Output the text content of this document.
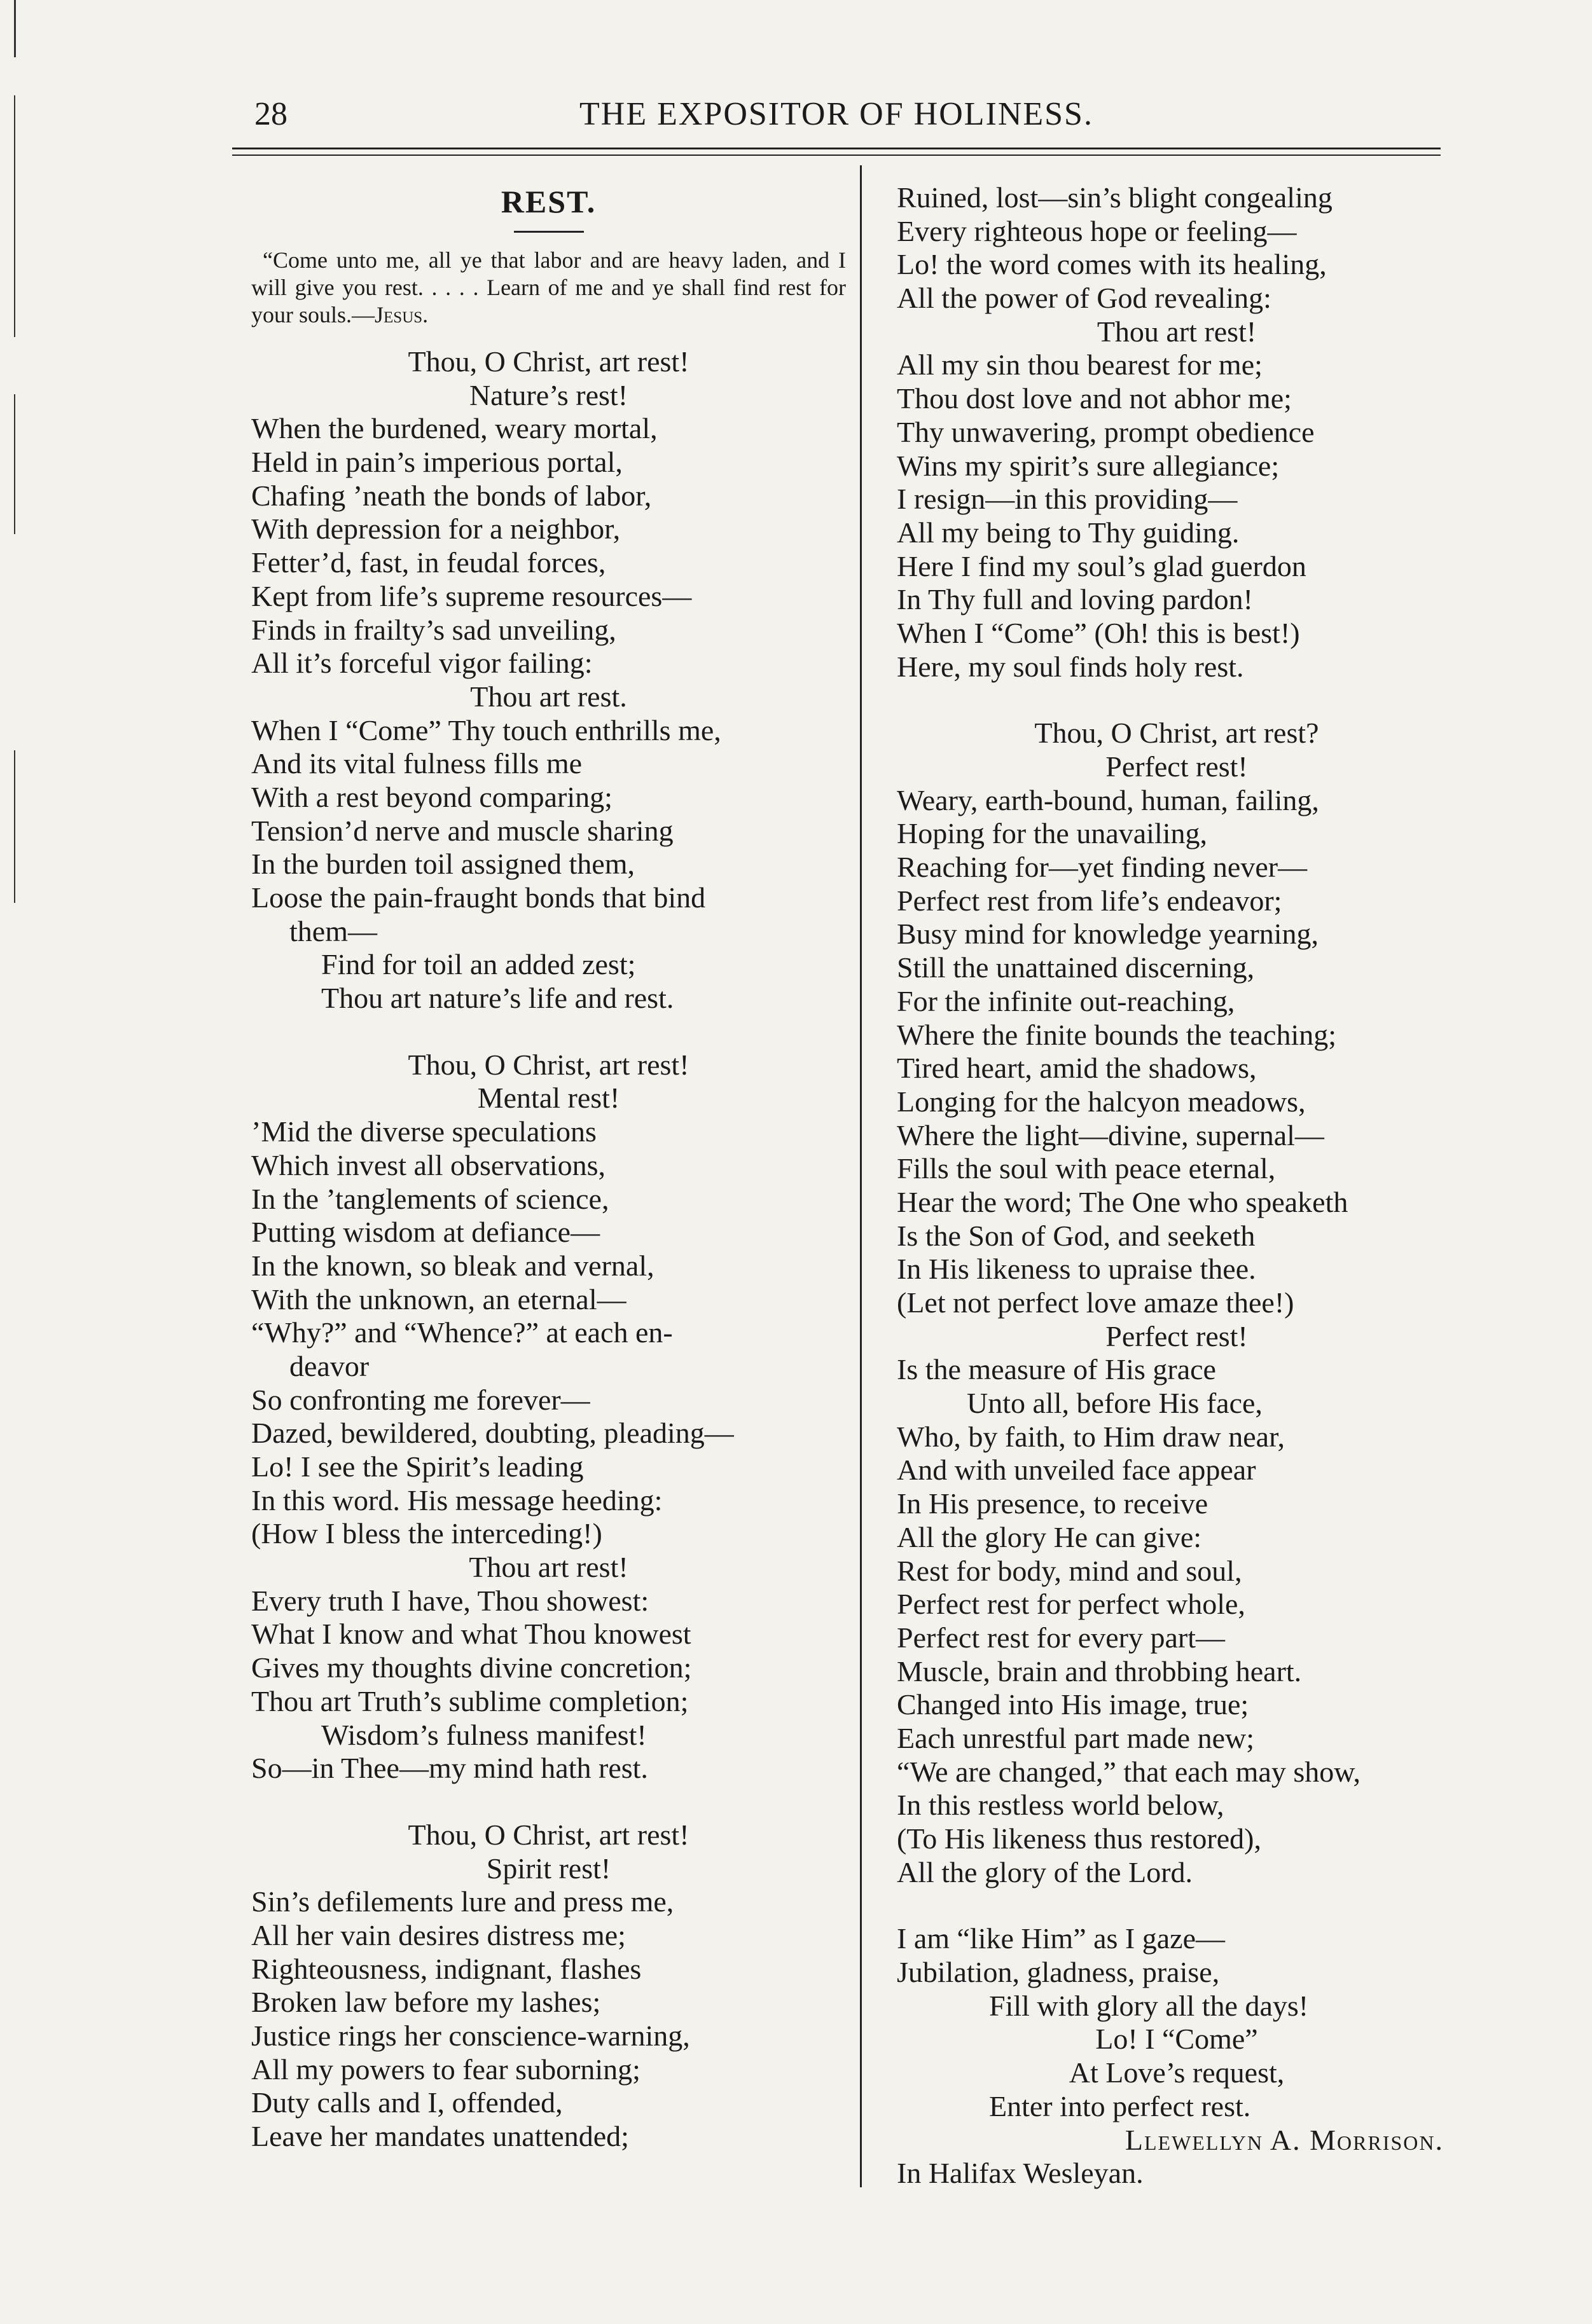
28	THE EXPOSITOR OF HOLINESS.
REST.
“Come unto me, all ye that labor and are heavy laden, and I will give you rest. . . . . Learn of me and ye shall find rest for your souls.—Jesus.
Thou, O Christ, art rest!
Nature’s rest!
When the burdened, weary mortal,
Held in pain’s imperious portal,
Chafing ’neath the bonds of labor,
With depression for a neighbor,
Fetter’d, fast, in feudal forces,
Kept from life’s supreme resources—
Finds in frailty’s sad unveiling,
All it’s forceful vigor failing:
Thou art rest.
When I “Come” Thy touch enthrills me,
And its vital fulness fills me
With a rest beyond comparing;
Tension’d nerve and muscle sharing
In the burden toil assigned them,
Loose the pain-fraught bonds that bind
them—
Find for toil an added zest;
Thou art nature’s life and rest.
Thou, O Christ, art rest!
Mental rest!
’Mid the diverse speculations
Which invest all observations,
In the ’tanglements of science,
Putting wisdom at defiance—
In the known, so bleak and vernal,
With the unknown, an eternal—
“Why?” and “Whence?” at each en-
deavor
So confronting me forever—
Dazed, bewildered, doubting, pleading—
Lo! I see the Spirit’s leading
In this word. His message heeding:
(How I bless the interceding!)
Thou art rest!
Every truth I have, Thou showest:
What I know and what Thou knowest
Gives my thoughts divine concretion;
Thou art Truth’s sublime completion;
Wisdom’s fulness manifest!
So—in Thee—my mind hath rest.
Thou, O Christ, art rest!
Spirit rest!
Sin’s defilements lure and press me,
All her vain desires distress me;
Righteousness, indignant, flashes
Broken law before my lashes;
Justice rings her conscience-warning,
All my powers to fear suborning;
Duty calls and I, offended,
Leave her mandates unattended;
Ruined, lost—sin’s blight congealing
Every righteous hope or feeling—
Lo! the word comes with its healing,
All the power of God revealing:
Thou art rest!
All my sin thou bearest for me;
Thou dost love and not abhor me;
Thy unwavering, prompt obedience
Wins my spirit’s sure allegiance;
I resign—in this providing—
All my being to Thy guiding.
Here I find my soul’s glad guerdon
In Thy full and loving pardon!
When I “Come” (Oh! this is best!)
Here, my soul finds holy rest.
Thou, O Christ, art rest?
Perfect rest!
Weary, earth-bound, human, failing,
Hoping for the unavailing,
Reaching for—yet finding never—
Perfect rest from life’s endeavor;
Busy mind for knowledge yearning,
Still the unattained discerning,
For the infinite out-reaching,
Where the finite bounds the teaching;
Tired heart, amid the shadows,
Longing for the halcyon meadows,
Where the light—divine, supernal—
Fills the soul with peace eternal,
Hear the word; The One who speaketh
Is the Son of God, and seeketh
In His likeness to upraise thee.
(Let not perfect love amaze thee!)
Perfect rest!
Is the measure of His grace
Unto all, before His face,
Who, by faith, to Him draw near,
And with unveiled face appear
In His presence, to receive
All the glory He can give:
Rest for body, mind and soul,
Perfect rest for perfect whole,
Perfect rest for every part—
Muscle, brain and throbbing heart.
Changed into His image, true;
Each unrestful part made new;
“We are changed,” that each may show,
In this restless world below,
(To His likeness thus restored),
All the glory of the Lord.
I am “like Him” as I gaze—
Jubilation, gladness, praise,
Fill with glory all the days!
Lo! I “Come”
At Love’s request,
Enter into perfect rest.
Llewellyn A. Morrison.
In Halifax Wesleyan.
